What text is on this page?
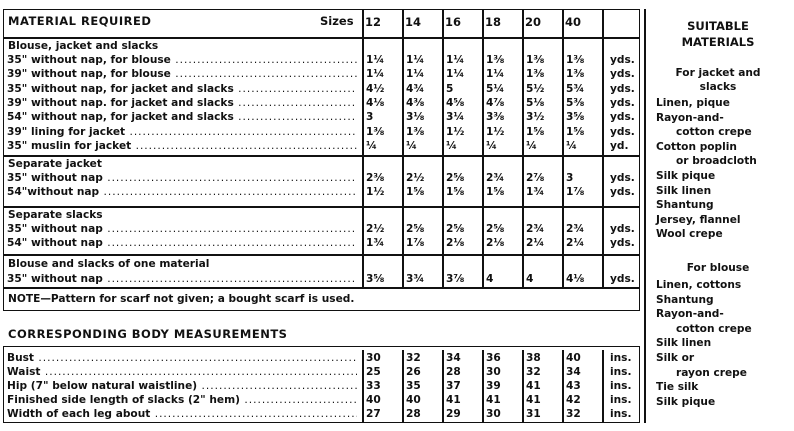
MATERIAL REQUIRED	Sizes 12	14	16	18	20	40
Blouse, jacket and slacks
35" without nap, for blouse .....	1¼	1¼	1¼	1⅜	1⅜	1⅜	yds.
39" without nap, for blouse .....	1¼	1¼	1¼	1¼	1⅜	1⅜	yds.
35" without nap, for jacket and slacks .....	4½	4¾	5	5¼	5½	5¾	yds.
39" without nap. for jacket and slacks .....	4⅛	4⅜	4⅝	4⅞	5⅛	5⅜	yds.
54" without nap, for jacket and slacks .....	3	3⅛	3¼	3⅜	3½	3⅝	yds.
39" lining for jacket .....	1⅜	1⅜	1½	1½	1⅝	1⅝	yds.
35" muslin for jacket .....	¼	¼	¼	¼	¼	¼	yd.
Separate jacket
35" without nap .....	2⅜	2½	2⅝	2¾	2⅞	3	yds.
54"without nap .....	1½	1⅝	1⅝	1⅝	1¾	1⅞	yds.
Separate slacks
35" without nap .....	2½	2⅝	2⅝	2⅝	2¾	2¾	yds.
54" without nap .....	1¾	1⅞	2⅛	2⅛	2¼	2¼	yds.
Blouse and slacks of one material
35" without nap .....	3⅝	3¾	3⅞	4	4	4⅛	yds.
NOTE—Pattern for scarf not given; a bought scarf is used.
CORRESPONDING BODY MEASUREMENTS
Bust .....	30	32	34	36	38	40	ins.
Waist .....	25	26	28	30	32	34	ins.
Hip (7" below natural waistline) .....	33	35	37	39	41	43	ins.
Finished side length of slacks (2" hem) .....	40	40	41	41	41	42	ins.
Width of each leg about .....	27	28	29	30	31	32	ins.
SUITABLE
MATERIALS
For jacket and
slacks
Linen, pique
Rayon-and-
cotton crepe
Cotton poplin
or broadcloth
Silk pique
Silk linen
Shantung
Jersey, flannel
Wool crepe
For blouse
Linen, cottons
Shantung
Rayon-and-
cotton crepe
Silk linen
Silk or
rayon crepe
Tie silk
Silk pique
